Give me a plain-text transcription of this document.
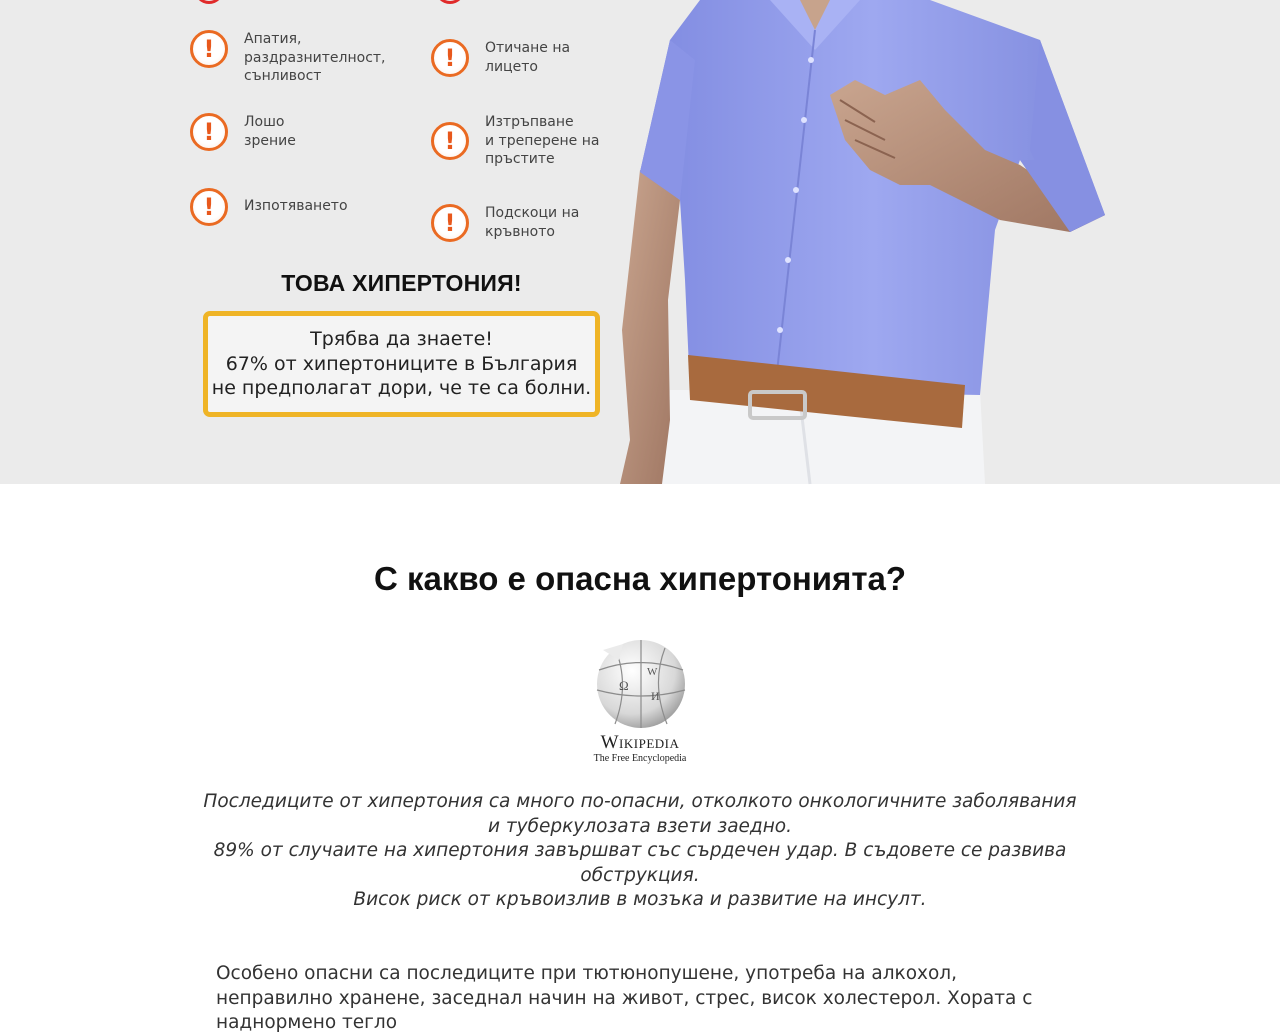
!	Апатия,
раздразнителност,
сънливост
!	Лошо
зрение
!	Изпотяването
!	Отичане на
лицето
!
Изтръпване
и треперене на
пръстите
!	Подскоци на
кръвното
ТОВА ХИПЕРТОНИЯ!
Трябва да знаете!
67% от хипертониците в България
не предполагат дори, че те са болни.
С какво е опасна хипертонията?
Ω
W
И
Wikipedia
The Free Encyclopedia

Последиците от хипертония са много по-опасни, отколкото онкологичните заболявания и туберкулозата взети заедно.

89% от случаите на хипертония завършват със сърдечен удар. В съдовете се развива обструкция.

Висок риск от кръвоизлив в мозъка и развитие на инсулт.

Особено опасни са последиците при тютюнопушене, употреба на алкохол, неправилно хранене, заседнал начин на живот, стрес, висок холестерол. Хората с наднормено тегло
